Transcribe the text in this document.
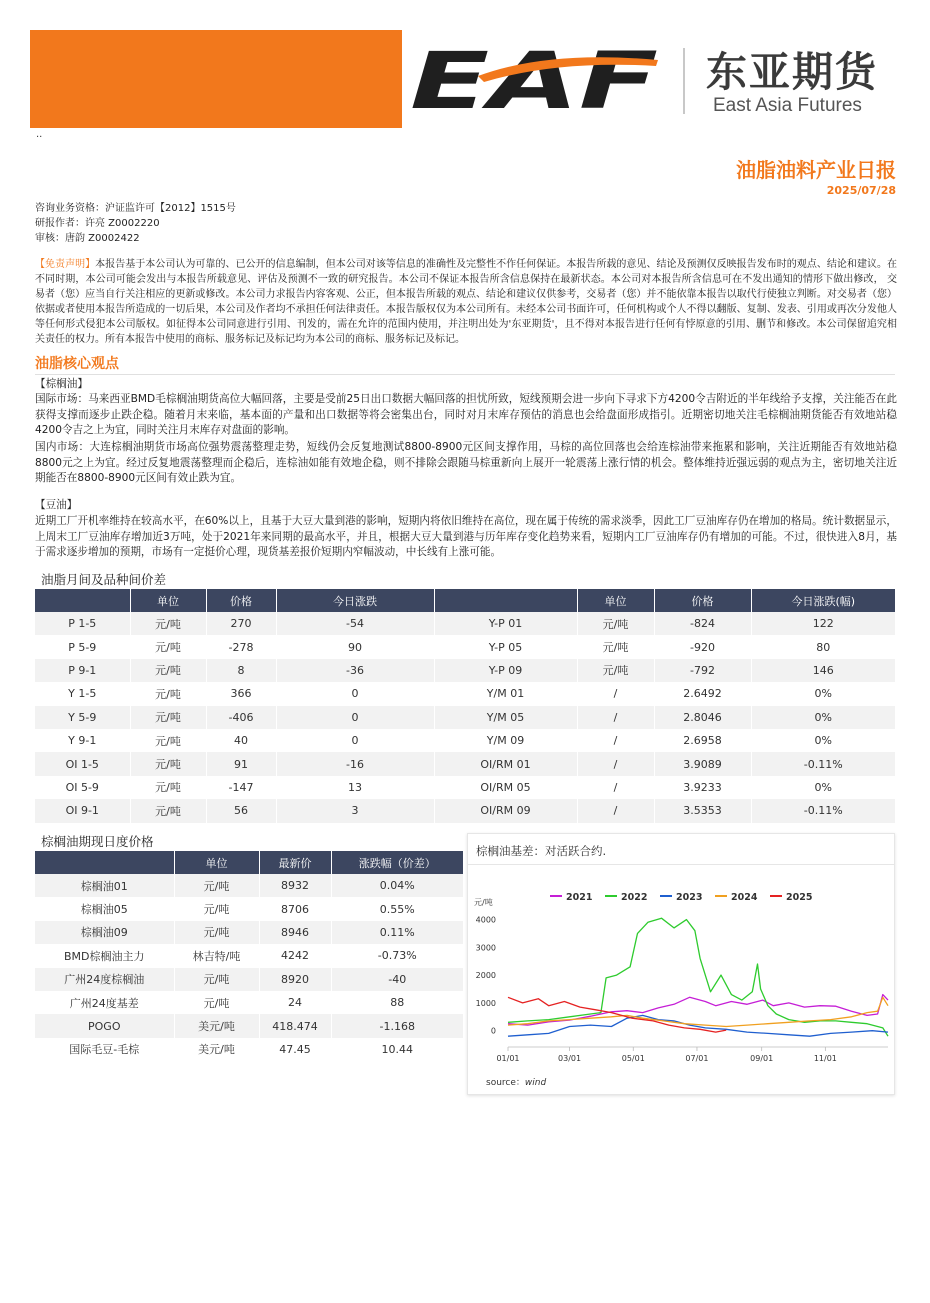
..
EAF 东亚期货
East Asia Futures
油脂油料产业日报
2025/07/28
咨询业务资格：沪证监许可【2012】1515号
研报作者：许亮 Z0002220
审核：唐韵 Z0002422
【免责声明】本报告基于本公司认为可靠的、已公开的信息编制，但本公司对该等信息的准确性及完整性不作任何保证。本报告所载的意见、结论及预测仅反映报告发布时的观点、结论和建议。在不同时期，本公司可能会发出与本报告所载意见、评估及预测不一致的研究报告。本公司不保证本报告所含信息保持在最新状态。本公司对本报告所含信息可在不发出通知的情形下做出修改， 交易者（您）应当自行关注相应的更新或修改。本公司力求报告内容客观、公正，但本报告所载的观点、结论和建议仅供参考，交易者（您）并不能依靠本报告以取代行使独立判断。对交易者（您）依据或者使用本报告所造成的一切后果，本公司及作者均不承担任何法律责任。本报告版权仅为本公司所有。未经本公司书面许可，任何机构或个人不得以翻版、复制、发表、引用或再次分发他人等任何形式侵犯本公司版权。如征得本公司同意进行引用、刊发的，需在允许的范围内使用，并注明出处为'东亚期货'，且不得对本报告进行任何有悖原意的引用、删节和修改。本公司保留追究相关责任的权力。所有本报告中使用的商标、服务标记及标记均为本公司的商标、服务标记及标记。
油脂核心观点
【棕榈油】
国际市场：马来西亚BMD毛棕榈油期货高位大幅回落，主要是受前25日出口数据大幅回落的担忧所致，短线预期会进一步向下寻求下方4200令吉附近的半年线给予支撑，关注能否在此获得支撑而逐步止跌企稳。随着月末来临，基本面的产量和出口数据等将会密集出台，同时对月末库存预估的消息也会给盘面形成指引。近期密切地关注毛棕榈油期货能否有效地站稳4200令吉之上为宜，同时关注月末库存对盘面的影响。
国内市场：大连棕榈油期货市场高位强势震荡整理走势，短线仍会反复地测试8800-8900元区间支撑作用，马棕的高位回落也会给连棕油带来拖累和影响，关注近期能否有效地站稳8800元之上为宜。经过反复地震荡整理而企稳后，连棕油如能有效地企稳，则不排除会跟随马棕重新向上展开一轮震荡上涨行情的机会。整体维持近强远弱的观点为主，密切地关注近期能否在8800-8900元区间有效止跌为宜。
【豆油】
近期工厂开机率维持在较高水平，在60%以上，且基于大豆大量到港的影响，短期内将依旧维持在高位，现在属于传统的需求淡季，因此工厂豆油库存仍在增加的格局。统计数据显示，上周末工厂豆油库存增加近3万吨，处于2021年来同期的最高水平，并且，根据大豆大量到港与历年库存变化趋势来看，短期内工厂豆油库存仍有增加的可能。不过，很快进入8月，基于需求逐步增加的预期，市场有一定挺价心理，现货基差报价短期内窄幅波动，中长线有上涨可能。
油脂月间及品种间价差
	单位	价格	今日涨跌		单位	价格	今日涨跌(幅)
P 1-5	元/吨	270	-54	Y-P 01	元/吨	-824	122
P 5-9	元/吨	-278	90	Y-P 05	元/吨	-920	80
P 9-1	元/吨	8	-36	Y-P 09	元/吨	-792	146
Y 1-5	元/吨	366	0	Y/M 01	/	2.6492	0%
Y 5-9	元/吨	-406	0	Y/M 05	/	2.8046	0%
Y 9-1	元/吨	40	0	Y/M 09	/	2.6958	0%
OI 1-5	元/吨	91	-16	OI/RM 01	/	3.9089	-0.11%
OI 5-9	元/吨	-147	13	OI/RM 05	/	3.9233	0%
OI 9-1	元/吨	56	3	OI/RM 09	/	3.5353	-0.11%
棕榈油期现日度价格
	单位	最新价	涨跌幅（价差）
棕榈油01	元/吨	8932	0.04%
棕榈油05	元/吨	8706	0.55%
棕榈油09	元/吨	8946	0.11%
BMD棕榈油主力	林吉特/吨	4242	-0.73%
广州24度棕榈油	元/吨	8920	-40
广州24度基差	元/吨	24	88
POGO	美元/吨	418.474	-1.168
国际毛豆-毛棕	美元/吨	47.45	10.44
棕榈油基差：对活跃合约.
元/吨
0
1000
2000
3000
4000
01/01	03/01	05/01	07/01	09/01	11/01
2021	2022	2023	2024	2025
source：wind
